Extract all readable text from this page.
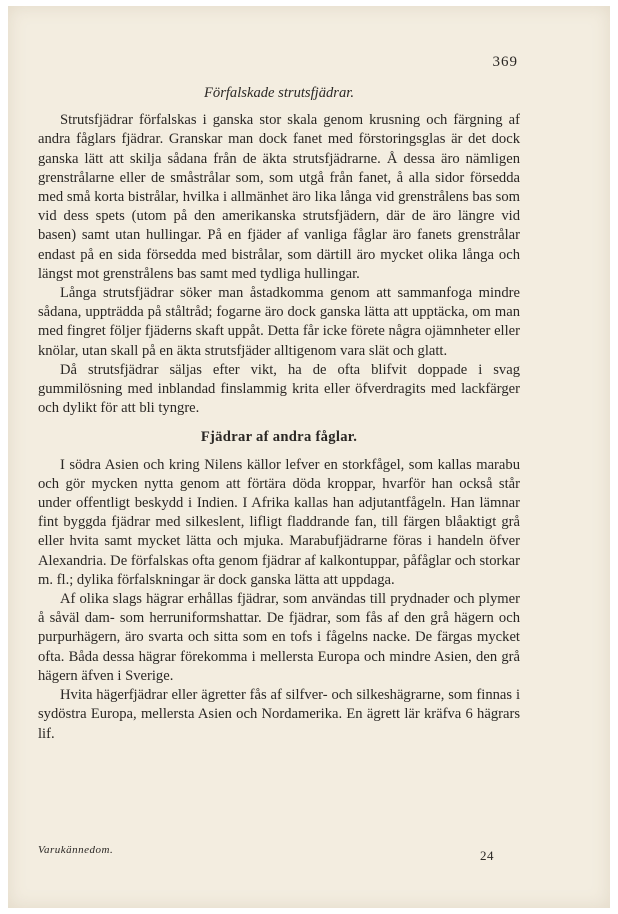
369
Förfalskade strutsfjädrar.

Strutsfjädrar förfalskas i ganska stor skala genom krusning och färgning af andra fåglars fjädrar. Granskar man dock fanet med förstoringsglas är det dock ganska lätt att skilja sådana från de äkta strutsfjädrarne. Å dessa äro nämligen grenstrålarne eller de småstrålar som, som utgå från fanet, å alla sidor försedda med små korta bistrålar, hvilka i allmänhet äro lika långa vid grenstrålens bas som vid dess spets (utom på den amerikanska strutsfjädern, där de äro längre vid basen) samt utan hullingar. På en fjäder af vanliga fåglar äro fanets grenstrålar endast på en sida försedda med bistrålar, som därtill äro mycket olika långa och längst mot grenstrålens bas samt med tydliga hullingar.

Långa strutsfjädrar söker man åstadkomma genom att sammanfoga mindre sådana, uppträdda på ståltråd; fogarne äro dock ganska lätta att upptäcka, om man med fingret följer fjäderns skaft uppåt. Detta får icke förete några ojämnheter eller knölar, utan skall på en äkta strutsfjäder alltigenom vara slät och glatt.

Då strutsfjädrar säljas efter vikt, ha de ofta blifvit doppade i svag gummilösning med inblandad finslammig krita eller öfverdragits med lackfärger och dylikt för att bli tyngre.

Fjädrar af andra fåglar.

I södra Asien och kring Nilens källor lefver en storkfågel, som kallas marabu och gör mycken nytta genom att förtära döda kroppar, hvarför han också står under offentligt beskydd i Indien. I Afrika kallas han adjutantfågeln. Han lämnar fint byggda fjädrar med silkeslent, lifligt fladdrande fan, till färgen blåaktigt grå eller hvita samt mycket lätta och mjuka. Marabufjädrarne föras i handeln öfver Alexandria. De förfalskas ofta genom fjädrar af kalkontuppar, påfåglar och storkar m. fl.; dylika förfalskningar är dock ganska lätta att uppdaga.

Af olika slags hägrar erhållas fjädrar, som användas till prydnader och plymer å såväl dam- som herruniformshattar. De fjädrar, som fås af den grå hägern och purpurhägern, äro svarta och sitta som en tofs i fågelns nacke. De färgas mycket ofta. Båda dessa hägrar förekomma i mellersta Europa och mindre Asien, den grå hägern äfven i Sverige.

Hvita hägerfjädrar eller ägretter fås af silfver- och silkeshägrarne, som finnas i sydöstra Europa, mellersta Asien och Nordamerika. En ägrett lär kräfva 6 hägrars lif.

Varukännedom.	24
